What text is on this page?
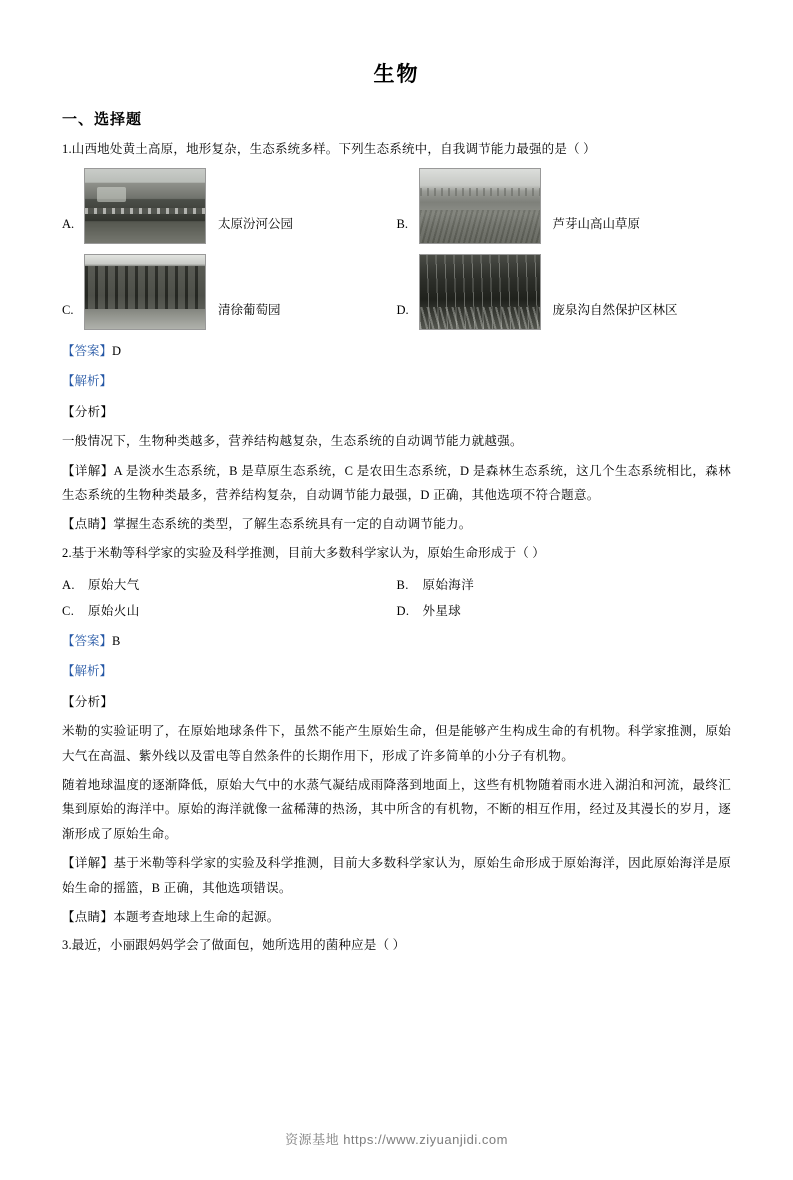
生物
一、选择题
1.山西地处黄土高原，地形复杂，生态系统多样。下列生态系统中，自我调节能力最强的是（ ）
A.	太原汾河公园	B.	芦芽山高山草原
C.	清徐葡萄园	D.	庞泉沟自然保护区林区
【答案】D
【解析】
【分析】
一般情况下，生物种类越多，营养结构越复杂，生态系统的自动调节能力就越强。
【详解】A 是淡水生态系统，B 是草原生态系统，C 是农田生态系统，D 是森林生态系统，这几个生态系统相比，森林生态系统的生物种类最多，营养结构复杂，自动调节能力最强，D 正确，其他选项不符合题意。
【点睛】掌握生态系统的类型，了解生态系统具有一定的自动调节能力。
2.基于米勒等科学家的实验及科学推测，目前大多数科学家认为，原始生命形成于（ ）
A. 原始大气	B. 原始海洋
C. 原始火山	D. 外星球
【答案】B
【解析】
【分析】
米勒的实验证明了，在原始地球条件下，虽然不能产生原始生命，但是能够产生构成生命的有机物。科学家推测，原始大气在高温、紫外线以及雷电等自然条件的长期作用下，形成了许多简单的小分子有机物。
随着地球温度的逐渐降低，原始大气中的水蒸气凝结成雨降落到地面上，这些有机物随着雨水进入湖泊和河流，最终汇集到原始的海洋中。原始的海洋就像一盆稀薄的热汤，其中所含的有机物，不断的相互作用，经过及其漫长的岁月，逐渐形成了原始生命。
【详解】基于米勒等科学家的实验及科学推测，目前大多数科学家认为，原始生命形成于原始海洋，因此原始海洋是原始生命的摇篮，B 正确，其他选项错误。
【点睛】本题考查地球上生命的起源。
3.最近，小丽跟妈妈学会了做面包，她所选用的菌种应是（ ）
资源基地 https://www.ziyuanjidi.com
